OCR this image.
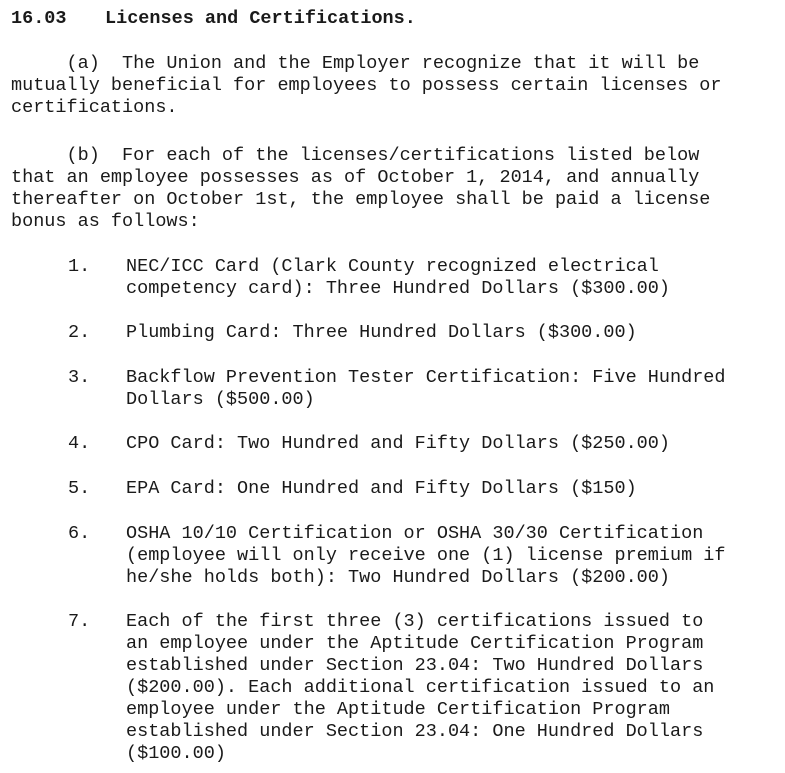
16.03 Licenses and Certifications.
(a)  The Union and the Employer recognize that it will be
mutually beneficial for employees to possess certain licenses or
certifications.
(b)  For each of the licenses/certifications listed below
that an employee possesses as of October 1, 2014, and annually
thereafter on October 1st, the employee shall be paid a license
bonus as follows:
1. NEC/ICC Card (Clark County recognized electrical
competency card): Three Hundred Dollars ($300.00)
2. Plumbing Card: Three Hundred Dollars ($300.00)
3. Backflow Prevention Tester Certification: Five Hundred
Dollars ($500.00)
4. CPO Card: Two Hundred and Fifty Dollars ($250.00)
5. EPA Card: One Hundred and Fifty Dollars ($150)
6. OSHA 10/10 Certification or OSHA 30/30 Certification
(employee will only receive one (1) license premium if
he/she holds both): Two Hundred Dollars ($200.00)
7. Each of the first three (3) certifications issued to
an employee under the Aptitude Certification Program
established under Section 23.04: Two Hundred Dollars
($200.00). Each additional certification issued to an
employee under the Aptitude Certification Program
established under Section 23.04: One Hundred Dollars
($100.00)
